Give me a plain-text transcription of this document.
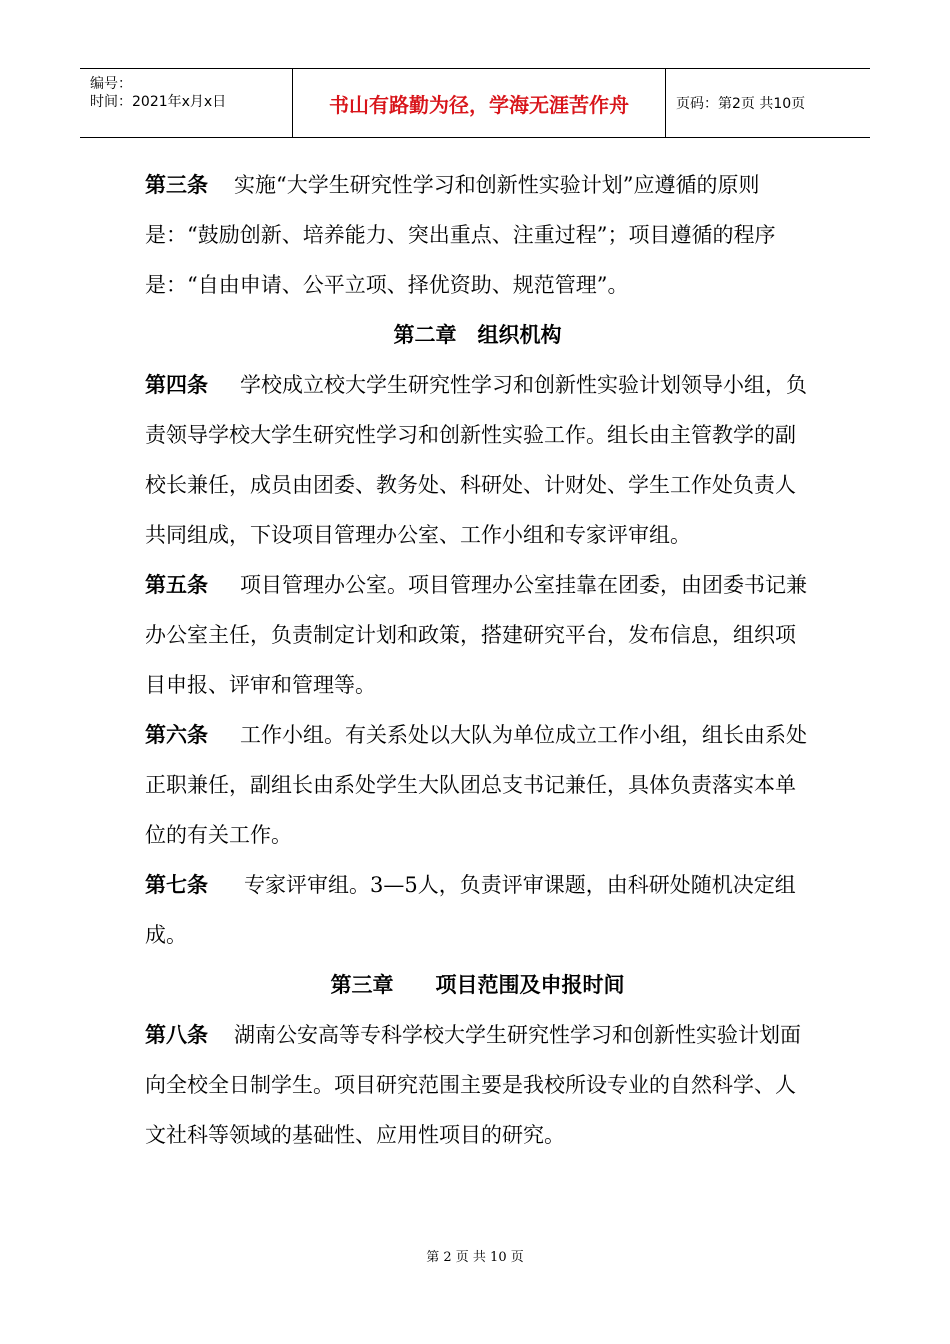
编号：
时间：2021年x月x日	书山有路勤为径，学海无涯苦作舟	页码：第2页 共10页

第三条 实施“大学生研究性学习和创新性实验计划”应遵循的原则是：“鼓励创新、培养能力、突出重点、注重过程”；项目遵循的程序是：“自由申请、公平立项、择优资助、规范管理”。

第二章　组织机构

第四条 学校成立校大学生研究性学习和创新性实验计划领导小组，负责领导学校大学生研究性学习和创新性实验工作。组长由主管教学的副校长兼任，成员由团委、教务处、科研处、计财处、学生工作处负责人共同组成，下设项目管理办公室、工作小组和专家评审组。

第五条 项目管理办公室。项目管理办公室挂靠在团委，由团委书记兼办公室主任，负责制定计划和政策，搭建研究平台，发布信息，组织项目申报、评审和管理等。

第六条 工作小组。有关系处以大队为单位成立工作小组，组长由系处正职兼任，副组长由系处学生大队团总支书记兼任，具体负责落实本单位的有关工作。

第七条 专家评审组。3—5人，负责评审课题，由科研处随机决定组成。

第三章　　项目范围及申报时间

第八条 湖南公安高等专科学校大学生研究性学习和创新性实验计划面向全校全日制学生。项目研究范围主要是我校所设专业的自然科学、人文社科等领域的基础性、应用性项目的研究。

第 2 页 共 10 页
